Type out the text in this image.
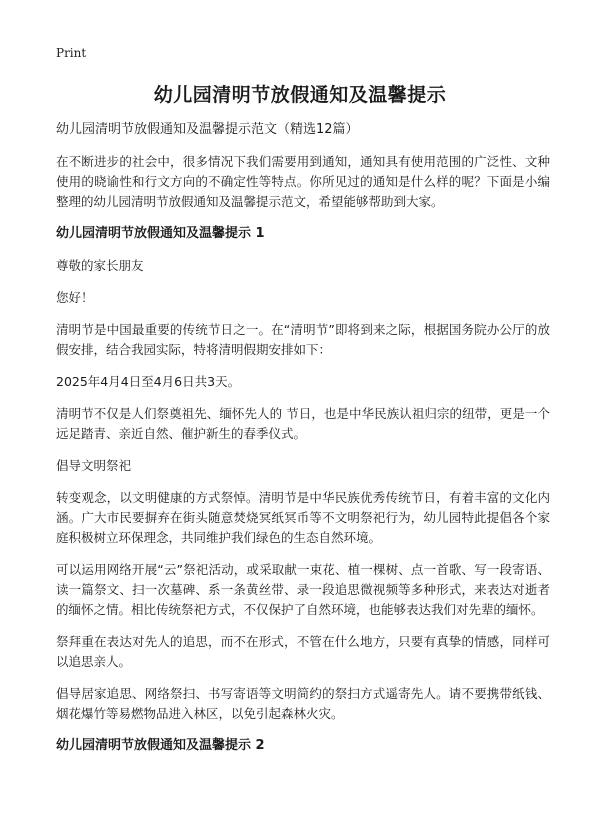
Print
幼儿园清明节放假通知及温馨提示

幼儿园清明节放假通知及温馨提示范文（精选12篇）

在不断进步的社会中，很多情况下我们需要用到通知，通知具有使用范围的广泛性、文种使用的晓谕性和行文方向的不确定性等特点。你所见过的通知是什么样的呢？下面是小编整理的幼儿园清明节放假通知及温馨提示范文，希望能够帮助到大家。

幼儿园清明节放假通知及温馨提示 1

尊敬的家长朋友

您好！

清明节是中国最重要的传统节日之一。在“清明节”即将到来之际，根据国务院办公厅的放假安排，结合我园实际，特将清明假期安排如下：

2025年4月4日至4月6日共3天。

清明节不仅是人们祭奠祖先、缅怀先人的 节日，也是中华民族认祖归宗的纽带，更是一个远足踏青、亲近自然、催护新生的春季仪式。

倡导文明祭祀

转变观念，以文明健康的方式祭悼。清明节是中华民族优秀传统节日，有着丰富的文化内涵。广大市民要摒弃在街头随意焚烧冥纸冥币等不文明祭祀行为，幼儿园特此提倡各个家庭积极树立环保理念，共同维护我们绿色的生态自然环境。

可以运用网络开展“云”祭祀活动，或采取献一束花、植一棵树、点一首歌、写一段寄语、读一篇祭文、扫一次墓碑、系一条黄丝带、录一段追思微视频等多种形式，来表达对逝者的缅怀之情。相比传统祭祀方式，不仅保护了自然环境，也能够表达我们对先辈的缅怀。

祭拜重在表达对先人的追思，而不在形式，不管在什么地方，只要有真挚的情感，同样可以追思亲人。

倡导居家追思、网络祭扫、书写寄语等文明简约的祭扫方式遥寄先人。请不要携带纸钱、烟花爆竹等易燃物品进入林区，以免引起森林火灾。

幼儿园清明节放假通知及温馨提示 2
